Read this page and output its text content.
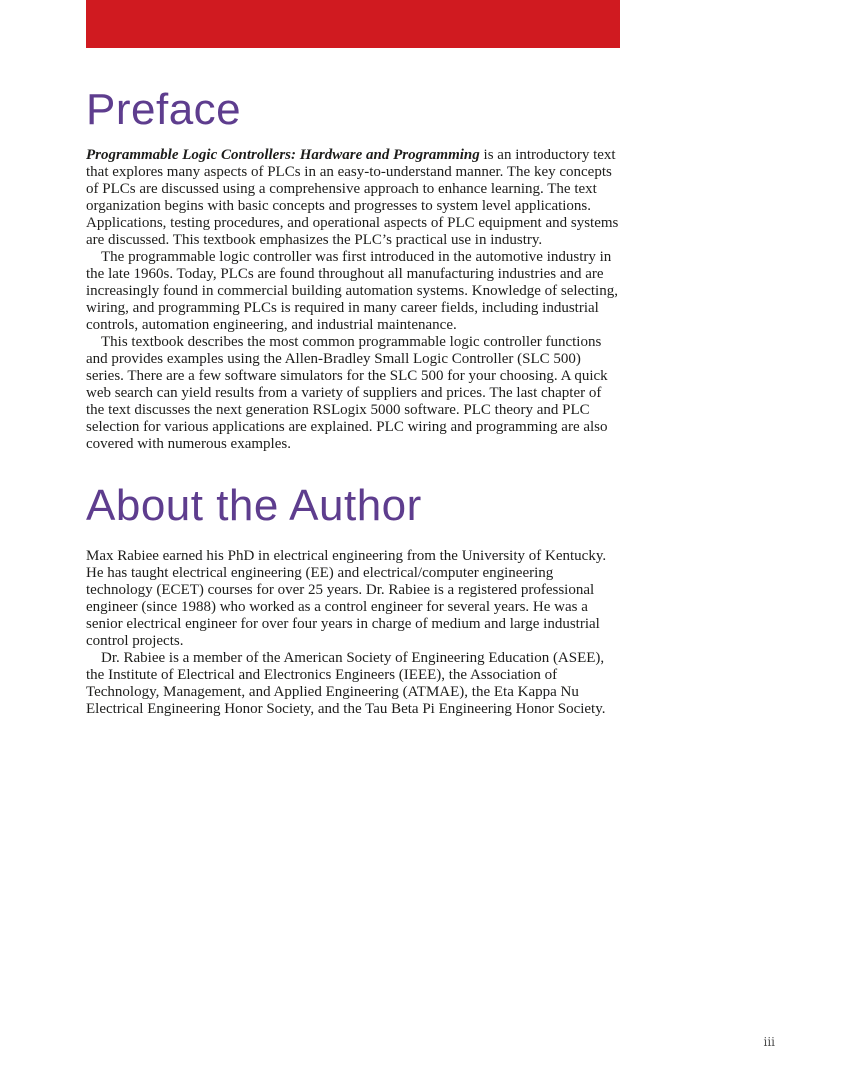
Preface

Programmable Logic Controllers: Hardware and Programming is an introductory text that explores many aspects of PLCs in an easy-to-understand manner. The key concepts of PLCs are discussed using a comprehensive approach to enhance learning. The text organization begins with basic concepts and progresses to system level applications. Applications, testing procedures, and operational aspects of PLC equipment and systems are discussed. This textbook emphasizes the PLC’s practical use in industry.

The programmable logic controller was first introduced in the automotive industry in the late 1960s. Today, PLCs are found throughout all manufacturing industries and are increasingly found in commercial building automation systems. Knowledge of selecting, wiring, and programming PLCs is required in many career fields, including industrial controls, automation engineering, and industrial maintenance.

This textbook describes the most common programmable logic controller functions and provides examples using the Allen-Bradley Small Logic Controller (SLC 500) series. There are a few software simulators for the SLC 500 for your choosing. A quick web search can yield results from a variety of suppliers and prices. The last chapter of the text discusses the next generation RSLogix 5000 software. PLC theory and PLC selection for various applications are explained. PLC wiring and programming are also covered with numerous examples.

About the Author

Max Rabiee earned his PhD in electrical engineering from the University of Kentucky. He has taught electrical engineering (EE) and electrical/computer engineering technology (ECET) courses for over 25 years. Dr. Rabiee is a registered professional engineer (since 1988) who worked as a control engineer for several years. He was a senior electrical engineer for over four years in charge of medium and large industrial control projects.

Dr. Rabiee is a member of the American Society of Engineering Education (ASEE), the Institute of Electrical and Electronics Engineers (IEEE), the Association of Technology, Management, and Applied Engineering (ATMAE), the Eta Kappa Nu Electrical Engineering Honor Society, and the Tau Beta Pi Engineering Honor Society.

iii
